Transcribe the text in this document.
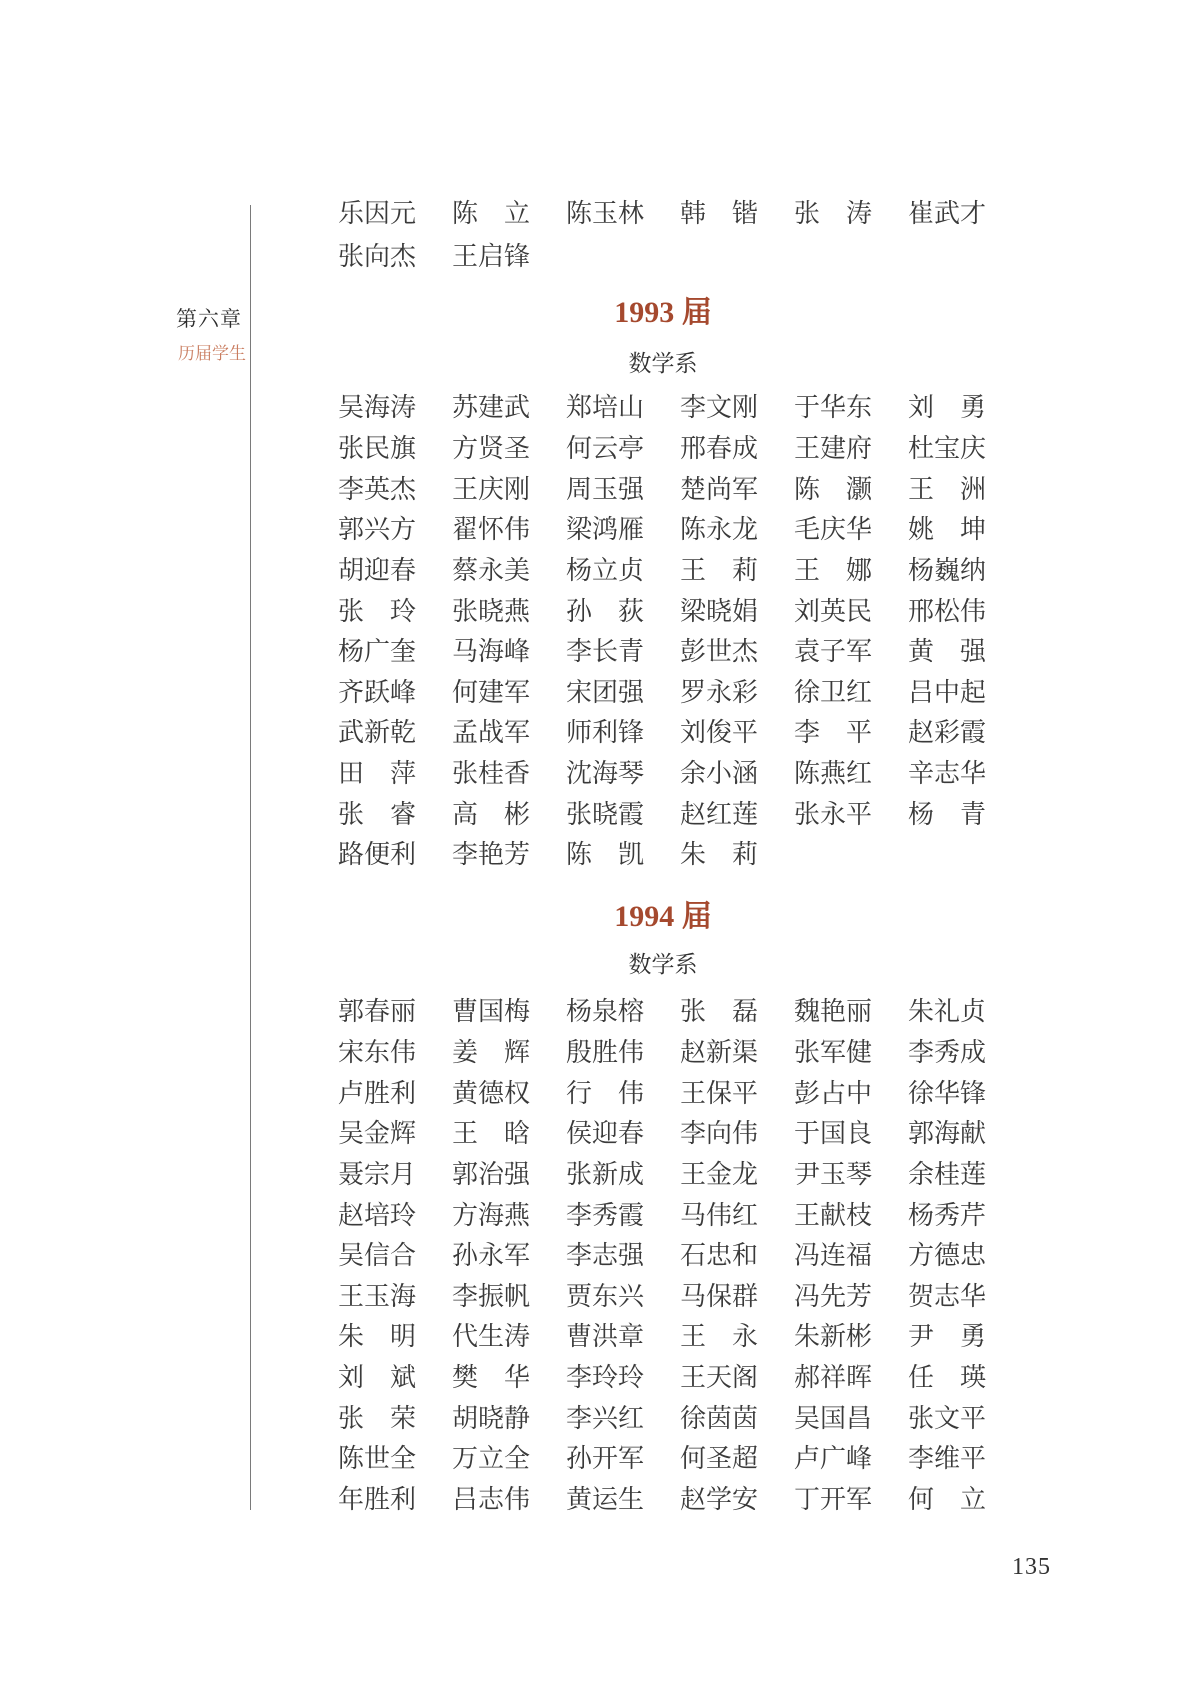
第六章
历届学生
乐因元 陈立 陈玉林 韩锴 张涛 崔武才
张向杰 王启锋
1993 届
数学系
吴海涛 苏建武 郑培山 李文刚 于华东 刘勇
张民旗 方贤圣 何云亭 邢春成 王建府 杜宝庆
李英杰 王庆刚 周玉强 楚尚军 陈灏 王洲
郭兴方 翟怀伟 梁鸿雁 陈永龙 毛庆华 姚坤
胡迎春 蔡永美 杨立贞 王莉 王娜 杨巍纳
张玲 张晓燕 孙荻 梁晓娟 刘英民 邢松伟
杨广奎 马海峰 李长青 彭世杰 袁子军 黄强
齐跃峰 何建军 宋团强 罗永彩 徐卫红 吕中起
武新乾 孟战军 师利锋 刘俊平 李平 赵彩霞
田萍 张桂香 沈海琴 余小涵 陈燕红 辛志华
张睿 高彬 张晓霞 赵红莲 张永平 杨青
路便利 李艳芳 陈凯 朱莉
1994 届
数学系
郭春丽 曹国梅 杨泉榕 张磊 魏艳丽 朱礼贞
宋东伟 姜辉 殷胜伟 赵新渠 张军健 李秀成
卢胜利 黄德权 行伟 王保平 彭占中 徐华锋
吴金辉 王晗 侯迎春 李向伟 于国良 郭海献
聂宗月 郭治强 张新成 王金龙 尹玉琴 余桂莲
赵培玲 方海燕 李秀霞 马伟红 王献枝 杨秀芹
吴信合 孙永军 李志强 石忠和 冯连福 方德忠
王玉海 李振帆 贾东兴 马保群 冯先芳 贺志华
朱明 代生涛 曹洪章 王永 朱新彬 尹勇
刘斌 樊华 李玲玲 王天阁 郝祥晖 任瑛
张荣 胡晓静 李兴红 徐茵茵 吴国昌 张文平
陈世全 万立全 孙开军 何圣超 卢广峰 李维平
年胜利 吕志伟 黄运生 赵学安 丁开军 何立
135
